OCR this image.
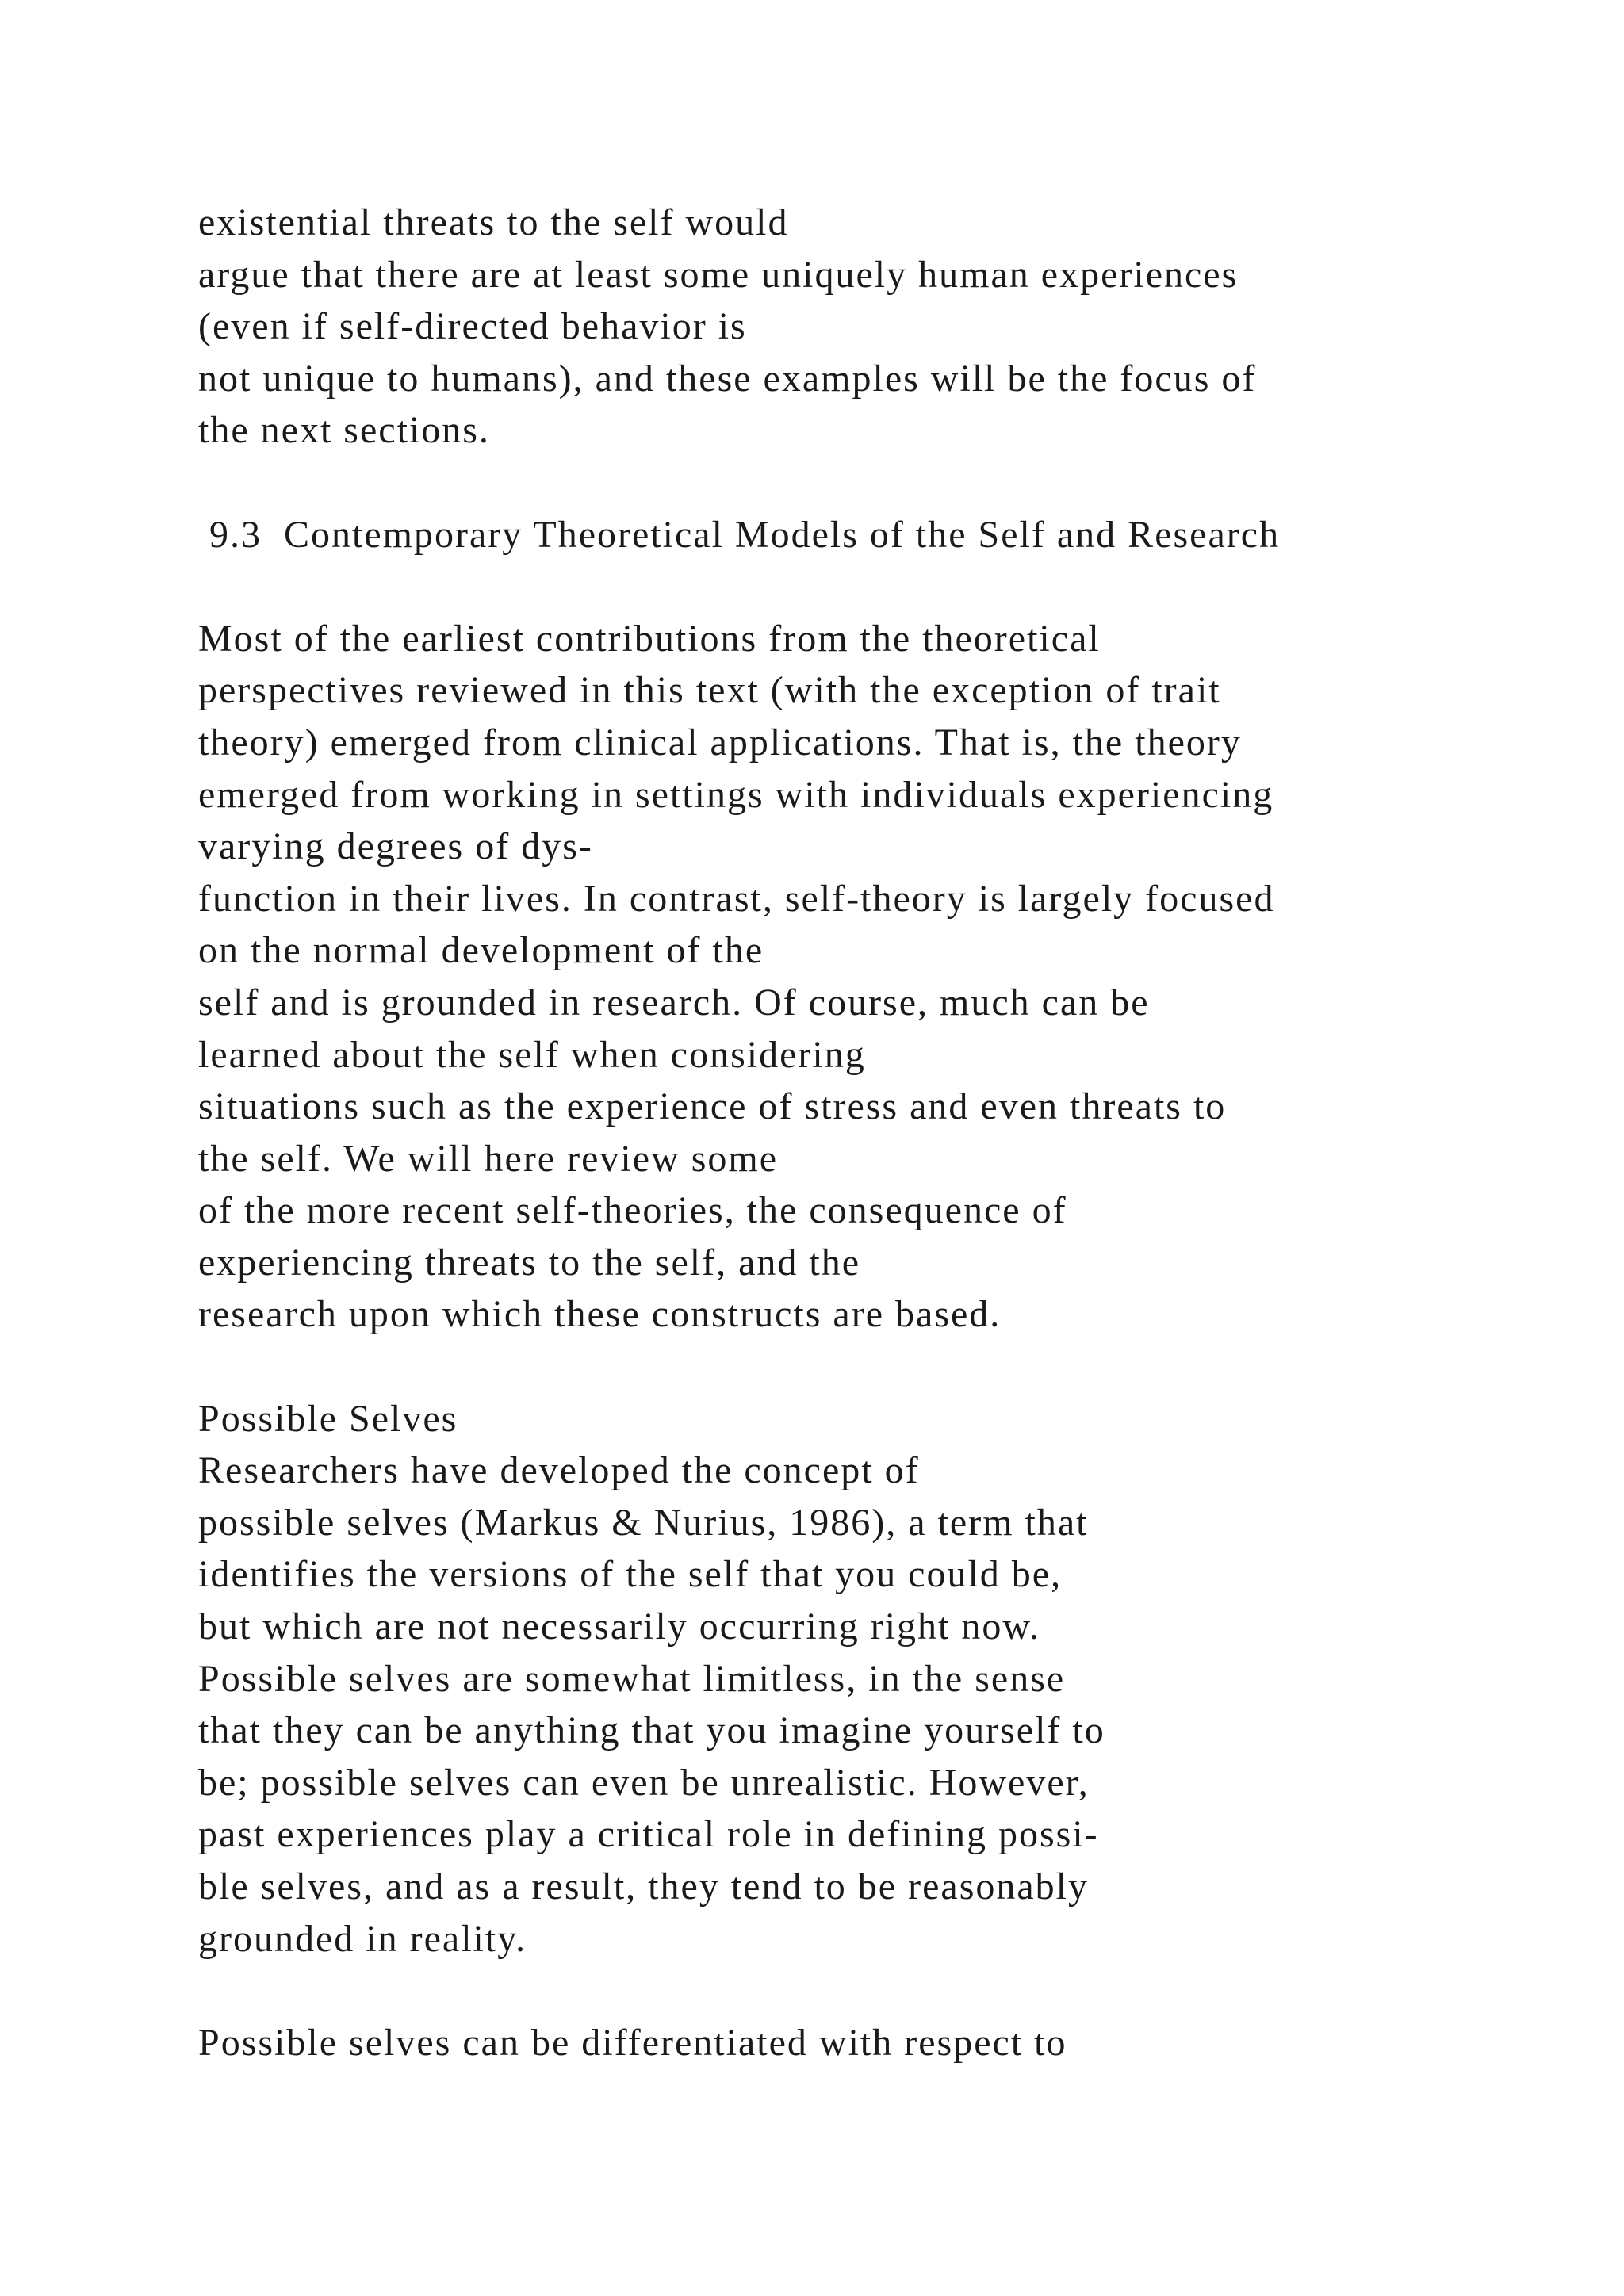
existential threats to the self would
argue that there are at least some uniquely human experiences
(even if self-directed behavior is
not unique to humans), and these examples will be the focus of
the next sections.
9.3  Contemporary Theoretical Models of the Self and Research
Most of the earliest contributions from the theoretical
perspectives reviewed in this text (with the exception of trait
theory) emerged from clinical applications. That is, the theory
emerged from working in settings with individuals experiencing
varying degrees of dys-
function in their lives. In contrast, self-theory is largely focused
on the normal development of the
self and is grounded in research. Of course, much can be
learned about the self when considering
situations such as the experience of stress and even threats to
the self. We will here review some
of the more recent self-theories, the consequence of
experiencing threats to the self, and the
research upon which these constructs are based.
Possible Selves
Researchers have developed the concept of
possible selves (Markus & Nurius, 1986), a term that
identifies the versions of the self that you could be,
but which are not necessarily occurring right now.
Possible selves are somewhat limitless, in the sense
that they can be anything that you imagine yourself to
be; possible selves can even be unrealistic. However,
past experiences play a critical role in defining possi-
ble selves, and as a result, they tend to be reasonably
grounded in reality.
Possible selves can be differentiated with respect to
